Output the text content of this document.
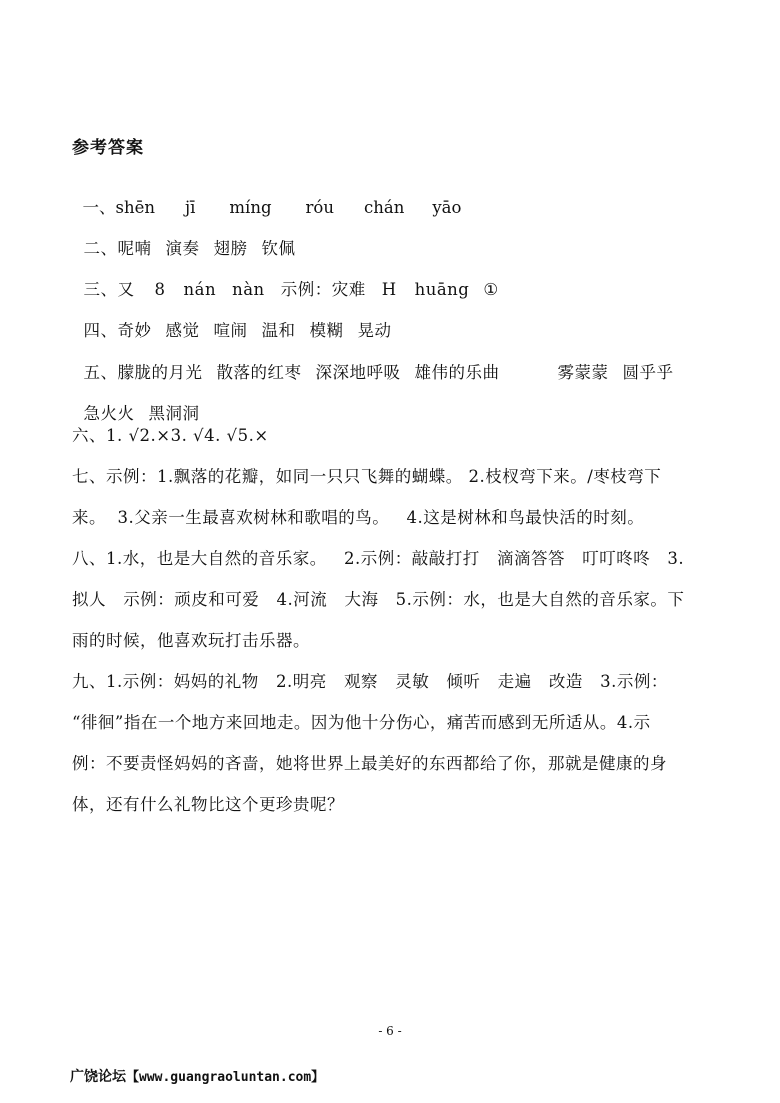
参考答案

一、shēn jī míng róu chán yāo

二、呢喃 演奏 翅膀 钦佩

三、又 8 nán nàn 示例：灾难 H huāng ①

四、奇妙 感觉 喧闹 温和 模糊 晃动

五、朦胧的月光 散落的红枣 深深地呼吸 雄伟的乐曲	雾蒙蒙 圆乎乎

急火火 黑洞洞

六、1. √2.×3. √4. √5.×
七、示例：1.飘落的花瓣，如同一只只飞舞的蝴蝶。 2.枝杈弯下来。/枣枝弯下
来。  3.父亲一生最喜欢树林和歌唱的鸟。   4.这是树林和鸟最快活的时刻。
八、1.水，也是大自然的音乐家。   2.示例：敲敲打打   滴滴答答   叮叮咚咚   3.
拟人   示例：顽皮和可爱   4.河流   大海   5.示例：水，也是大自然的音乐家。下
雨的时候，他喜欢玩打击乐器。
九、1.示例：妈妈的礼物   2.明亮   观察   灵敏   倾听   走遍   改造   3.示例：
“徘徊”指在一个地方来回地走。因为他十分伤心，痛苦而感到无所适从。4.示
例：不要责怪妈妈的吝啬，她将世界上最美好的东西都给了你，那就是健康的身
体，还有什么礼物比这个更珍贵呢？
- 6 -
广饶论坛【www.guangraoluntan.com】
